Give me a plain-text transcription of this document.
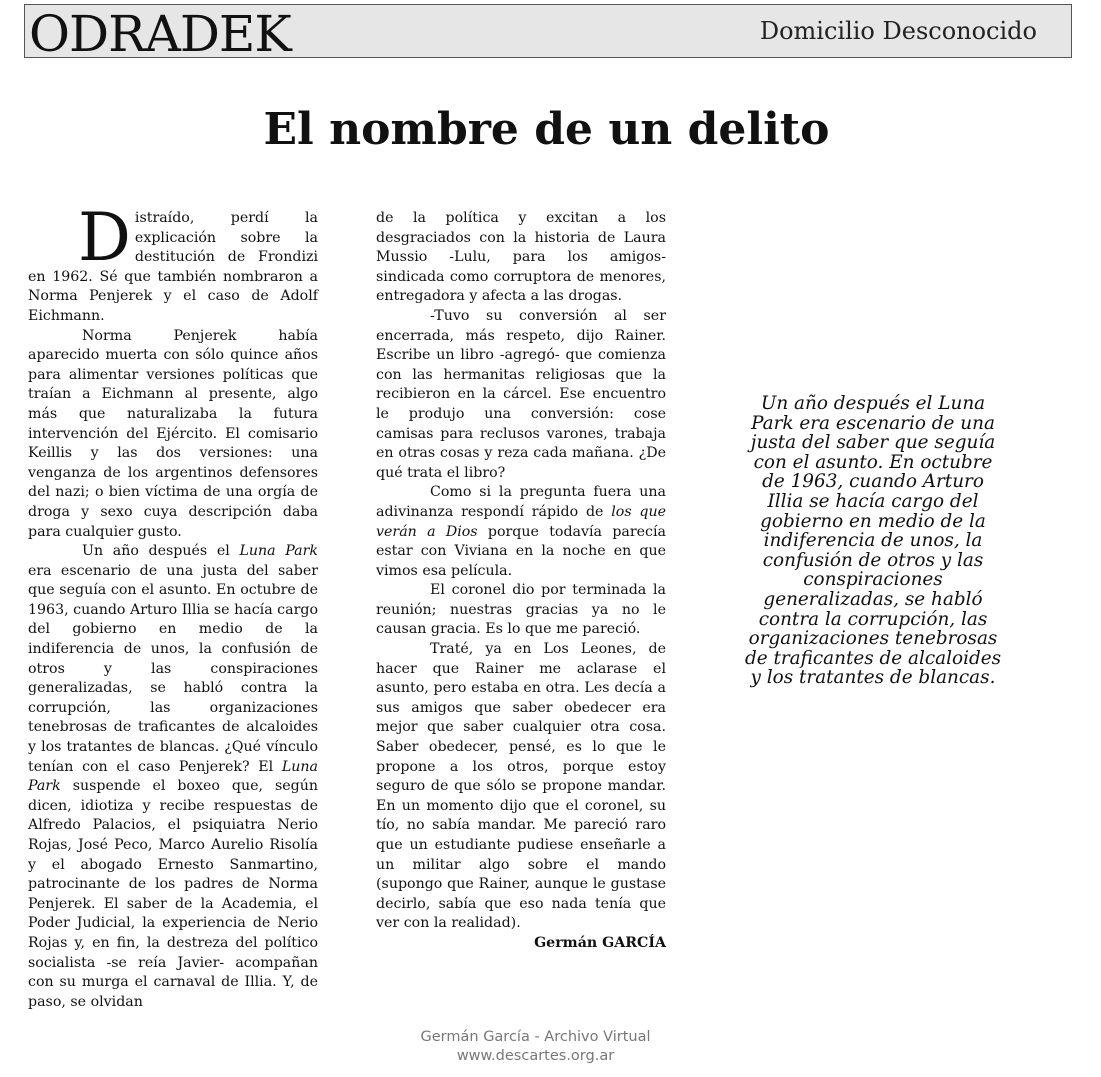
ODRADEK	Domicilio Desconocido
El nombre de un delito

Distraído, perdí la explicación sobre la destitución de Frondizi en 1962. Sé que también nombraron a Norma Penjerek y el caso de Adolf Eichmann.

Norma Penjerek había aparecido muerta con sólo quince años para alimentar versiones políticas que traían a Eichmann al presente, algo más que naturalizaba la futura intervención del Ejército. El comisario Keillis y las dos versiones: una venganza de los argentinos defensores del nazi; o bien víctima de una orgía de droga y sexo cuya descripción daba para cualquier gusto.

Un año después el Luna Park era escenario de una justa del saber que seguía con el asunto. En octubre de 1963, cuando Arturo Illia se hacía cargo del gobierno en medio de la indiferencia de unos, la confusión de otros y las conspiraciones generalizadas, se habló contra la corrupción, las organizaciones tenebrosas de traficantes de alcaloides y los tratantes de blancas. ¿Qué vínculo tenían con el caso Penjerek? El Luna Park suspende el boxeo que, según dicen, idiotiza y recibe respuestas de Alfredo Palacios, el psiquiatra Nerio Rojas, José Peco, Marco Aurelio Risolía y el abogado Ernesto Sanmartino, patrocinante de los padres de Norma Penjerek. El saber de la Academia, el Poder Judicial, la experiencia de Nerio Rojas y, en fin, la destreza del político socialista -se reía Javier- acompañan con su murga el carnaval de Illia. Y, de paso, se olvidan

de la política y excitan a los desgraciados con la historia de Laura Mussio -Lulu, para los amigos- sindicada como corruptora de menores, entregadora y afecta a las drogas.

-Tuvo su conversión al ser encerrada, más respeto, dijo Rainer. Escribe un libro -agregó- que comienza con las hermanitas religiosas que la recibieron en la cárcel. Ese encuentro le produjo una conversión: cose camisas para reclusos varones, trabaja en otras cosas y reza cada mañana. ¿De qué trata el libro?

Como si la pregunta fuera una adivinanza respondí rápido de los que verán a Dios porque todavía parecía estar con Viviana en la noche en que vimos esa película.

El coronel dio por terminada la reunión; nuestras gracias ya no le causan gracia. Es lo que me pareció.

Traté, ya en Los Leones, de hacer que Rainer me aclarase el asunto, pero estaba en otra. Les decía a sus amigos que saber obedecer era mejor que saber cualquier otra cosa. Saber obedecer, pensé, es lo que le propone a los otros, porque estoy seguro de que sólo se propone mandar. En un momento dijo que el coronel, su tío, no sabía mandar. Me pareció raro que un estudiante pudiese enseñarle a un militar algo sobre el mando (supongo que Rainer, aunque le gustase decirlo, sabía que eso nada tenía que ver con la realidad).

Germán GARCÍA

Un año después el Luna Park era escenario de una justa del saber que seguía con el asunto. En octubre de 1963, cuando Arturo Illia se hacía cargo del gobierno en medio de la indiferencia de unos, la confusión de otros y las conspiraciones generalizadas, se habló contra la corrupción, las organizaciones tenebrosas de traficantes de alcaloides y los tratantes de blancas.
Germán García - Archivo Virtual
www.descartes.org.ar
